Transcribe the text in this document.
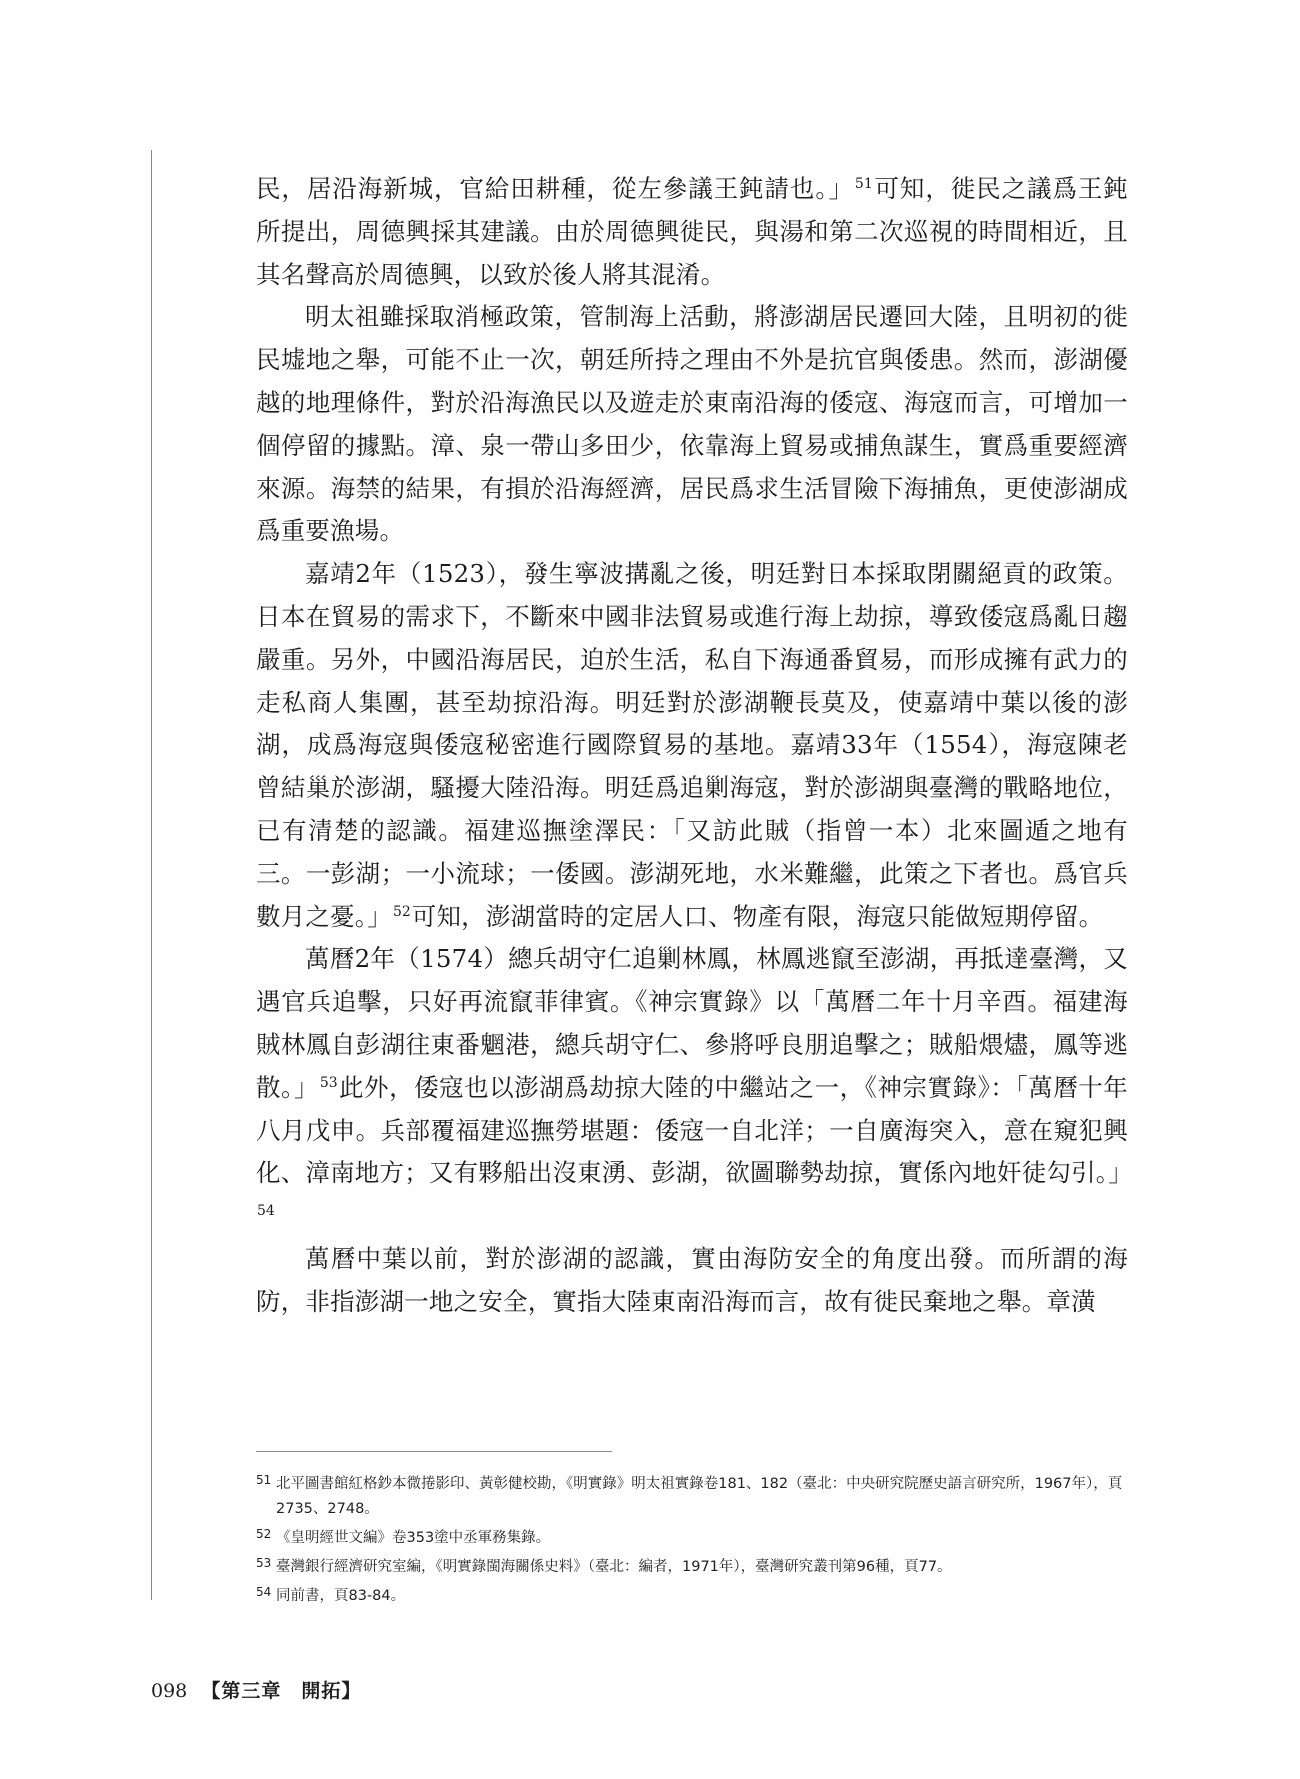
民，居沿海新城，官給田耕種，從左參議王鈍請也。」$^{51}$可知，徙民之議爲王鈍所提出，周德興採其建議。由於周德興徙民，與湯和第二次巡視的時間相近，且其名聲高於周德興，以致於後人將其混淆。

明太祖雖採取消極政策，管制海上活動，將澎湖居民遷回大陸，且明初的徙民墟地之舉，可能不止一次，朝廷所持之理由不外是抗官與倭患。然而，澎湖優越的地理條件，對於沿海漁民以及遊走於東南沿海的倭寇、海寇而言，可增加一個停留的據點。漳、泉一帶山多田少，依靠海上貿易或捕魚謀生，實爲重要經濟來源。海禁的結果，有損於沿海經濟，居民爲求生活冒險下海捕魚，更使澎湖成爲重要漁場。

嘉靖2年（1523），發生寧波搆亂之後，明廷對日本採取閉關絕貢的政策。日本在貿易的需求下，不斷來中國非法貿易或進行海上劫掠，導致倭寇爲亂日趨嚴重。另外，中國沿海居民，迫於生活，私自下海通番貿易，而形成擁有武力的走私商人集團，甚至劫掠沿海。明廷對於澎湖鞭長莫及，使嘉靖中葉以後的澎湖，成爲海寇與倭寇秘密進行國際貿易的基地。嘉靖33年（1554），海寇陳老曾結巢於澎湖，騷擾大陸沿海。明廷爲追剿海寇，對於澎湖與臺灣的戰略地位，已有清楚的認識。福建巡撫塗澤民：「又訪此賊（指曾一本）北來圖遁之地有三。一彭湖；一小流球；一倭國。澎湖死地，水米難繼，此策之下者也。爲官兵數月之憂。」$^{52}$可知，澎湖當時的定居人口、物產有限，海寇只能做短期停留。

萬曆2年（1574）總兵胡守仁追剿林鳳，林鳳逃竄至澎湖，再抵達臺灣，又遇官兵追擊，只好再流竄菲律賓。《神宗實錄》以「萬曆二年十月辛酉。福建海賊林鳳自彭湖往東番魍港，總兵胡守仁、參將呼良朋追擊之；賊船煨燼，鳳等逃散。」$^{53}$此外，倭寇也以澎湖爲劫掠大陸的中繼站之一，《神宗實錄》：「萬曆十年八月戊申。兵部覆福建巡撫勞堪題：倭寇一自北洋；一自廣海突入，意在窺犯興化、漳南地方；又有夥船出沒東湧、彭湖，欲圖聯勢劫掠，實係內地奸徒勾引。」$^{54}$

萬曆中葉以前，對於澎湖的認識，實由海防安全的角度出發。而所謂的海防，非指澎湖一地之安全，實指大陸東南沿海而言，故有徙民棄地之舉。章潢

51 北平圖書館紅格鈔本微捲影印、黃彰健校勘，《明實錄》明太祖實錄卷181、182（臺北：中央研究院歷史語言研究所，1967年），頁2735、2748。

52 《皇明經世文編》卷353塗中丞軍務集錄。

53 臺灣銀行經濟研究室編，《明實錄閩海關係史料》（臺北：編者，1971年），臺灣研究叢刊第96種，頁77。

54 同前書，頁83-84。

098 【第三章　開拓】
